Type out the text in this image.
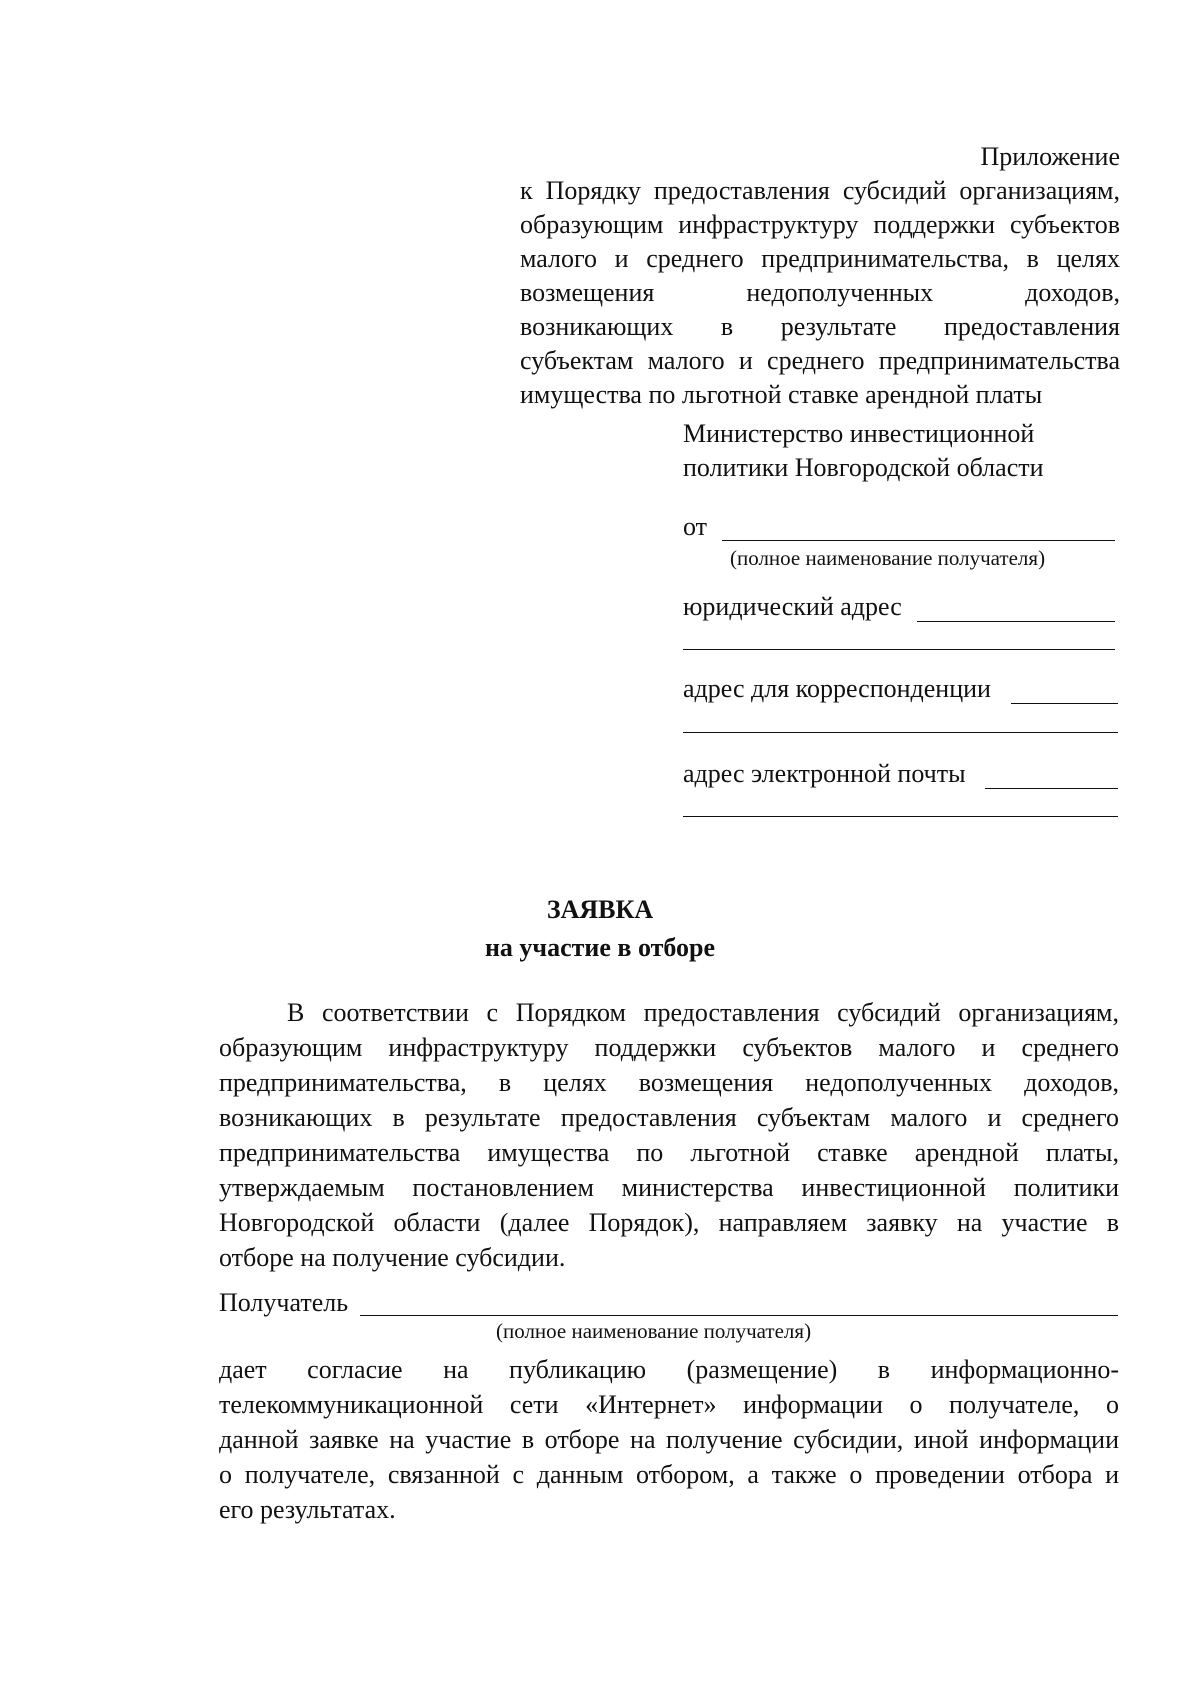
Приложение
к Порядку предоставления субсидий организациям,
образующим инфраструктуру поддержки субъектов
малого и среднего предпринимательства, в целях
возмещения недополученных доходов,
возникающих в результате предоставления
субъектам малого и среднего предпринимательства
имущества по льготной ставке арендной платы
Министерство инвестиционной
политики Новгородской области
от
(полное наименование получателя)
юридический адрес
адрес для корреспонденции
адрес электронной почты
ЗАЯВКА
на участие в отборе
В соответствии с Порядком предоставления субсидий организациям,
образующим инфраструктуру поддержки субъектов малого и среднего
предпринимательства, в целях возмещения недополученных доходов,
возникающих в результате предоставления субъектам малого и среднего
предпринимательства имущества по льготной ставке арендной платы,
утверждаемым постановлением министерства инвестиционной политики
Новгородской области (далее Порядок), направляем заявку на участие в
отборе на получение субсидии.
Получатель
(полное наименование получателя)
дает согласие на публикацию (размещение) в информационно-
телекоммуникационной сети «Интернет» информации о получателе, о
данной заявке на участие в отборе на получение субсидии, иной информации
о получателе, связанной с данным отбором, а также о проведении отбора и
его результатах.
